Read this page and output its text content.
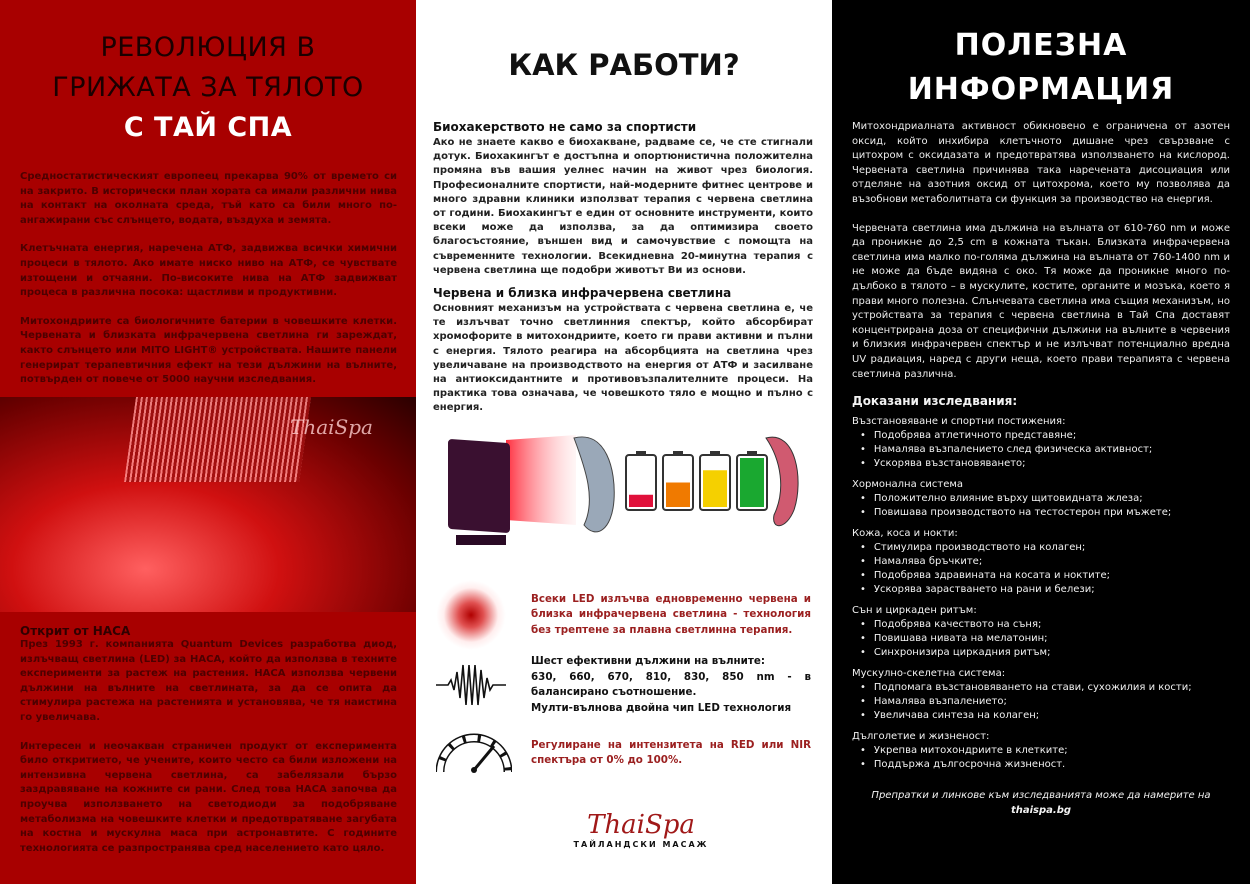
РЕВОЛЮЦИЯ В
ГРИЖАТА ЗА ТЯЛОТО
С ТАЙ СПА

Средностатистическият европеец прекарва 90% от времето си на закрито. В исторически план хората са имали различни нива на контакт на околната среда, тъй като са били много по-ангажирани със слънцето, водата, въздуха и земята.

Клетъчната енергия, наречена АТФ, задвижва всички химични процеси в тялото. Ако имате ниско ниво на АТФ, се чувствате изтощени и отчаяни. По-високите нива на АТФ задвижват процеса в различна посока: щастливи и продуктивни.

Митохондриите са биологичните батерии в човешките клетки. Червената и близката инфрачервена светлина ги зареждат, както слънцето или MITO LIGHT® устройствата. Нашите панели генерират терапевтичния ефект на тези дължини на вълните, потвърден от повече от 5000 научни изследвания.

ThaiSpa
Открит от НАСА

През 1993 г. компанията Quantum Devices разработва диод, излъчващ светлина (LED) за НАСА, който да използва в техните експерименти за растеж на растения. НАСА използва червени дължини на вълните на светлината, за да се опита да стимулира растежа на растенията и установява, че тя наистина го увеличава.

Интересен и неочакван страничен продукт от експеримента било откритието, че учените, които често са били изложени на интензивна червена светлина, са забелязали бързо заздравяване на кожните си рани. След това НАСА започва да проучва използването на светодиоди за подобряване метаболизма на човешките клетки и предотвратяване загубата на костна и мускулна маса при астронавтите. С годините технологията се разпространява сред населението като цяло.

КАК РАБОТИ?
Биохакерството не само за спортисти

Ако не знаете какво е биохакване, радваме се, че сте стигнали дотук. Биохакингът е достъпна и опортюнистична положителна промяна във вашия уелнес начин на живот чрез биология. Професионалните спортисти, най-модерните фитнес центрове и много здравни клиники използват терапия с червена светлина от години. Биохакингът е един от основните инструменти, които всеки може да използва, за да оптимизира своето благосъстояние, външен вид и самочувствие с помощта на съвременните технологии. Всекидневна 20-минутна терапия с червена светлина ще подобри животът Ви из основи.

Червена и близка инфрачервена светлина

Основният механизъм на устройствата с червена светлина е, че те излъчват точно светлинния спектър, който абсорбират хромофорите в митохондриите, което ги прави активни и пълни с енергия. Тялото реагира на абсорбцията на светлина чрез увеличаване на производството на енергия от АТФ и засилване на антиоксидантните и противовъзпалителните процеси. На практика това означава, че човешкото тяло е мощно и пълно с енергия.

Всеки LED излъчва едновременно червена и близка инфрачервена светлина - технология без трептене за плавна светлинна терапия.
Шест ефективни дължини на вълните:
630, 660, 670, 810, 830, 850 nm - в балансирано съотношение.
Мулти-вълнова двойна чип LED технология
Регулиране на интензитета на RED или NIR спектъра от 0% до 100%.
ThaiSpa
ТАЙЛАНДСКИ МАСАЖ
ПОЛЕЗНА
ИНФОРМАЦИЯ

Митохондриалната активност обикновено е ограничена от азотен оксид, който инхибира клетъчното дишане чрез свързване с цитохром с оксидазата и предотвратява използването на кислород. Червената светлина причинява така наречената дисоциация или отделяне на азотния оксид от цитохрома, което му позволява да възобнови метаболитната си функция за производство на енергия.

Червената светлина има дължина на вълната от 610-760 nm и може да проникне до 2,5 cm в кожната тъкан. Близката инфрачервена светлина има малко по-голяма дължина на вълната от 760-1400 nm и не може да бъде видяна с око. Тя може да проникне много по-дълбоко в тялото – в мускулите, костите, органите и мозъка, което я прави много полезна. Слънчевата светлина има същия механизъм, но устройствата за терапия с червена светлина в Тай Спа доставят концентрирана доза от специфични дължини на вълните в червения и близкия инфрачервен спектър и не излъчват потенциално вредна UV радиация, наред с други неща, което прави терапията с червена светлина различна.

Доказани изследвания:
Възстановяване и спортни постижения:
• Подобрява атлетичното представяне;
• Намалява възпалението след физическа активност;
• Ускорява възстановяването;
Хормонална система
• Положително влияние върху щитовидната жлеза;
• Повишава производството на тестостерон при мъжете;
Кожа, коса и нокти:
• Стимулира производството на колаген;
• Намалява бръчките;
• Подобрява здравината на косата и ноктите;
• Ускорява зарастването на рани и белези;
Сън и циркаден ритъм:
• Подобрява качеството на съня;
• Повишава нивата на мелатонин;
• Синхронизира циркадния ритъм;
Мускулно-скелетна система:
• Подпомага възстановяването на стави, сухожилия и кости;
• Намалява възпалението;
• Увеличава синтеза на колаген;
Дълголетие и жизненост:
• Укрепва митохондриите в клетките;
• Поддържа дългосрочна жизненост.
Препратки и линкове към изследванията може да намерите на
thaispa.bg
